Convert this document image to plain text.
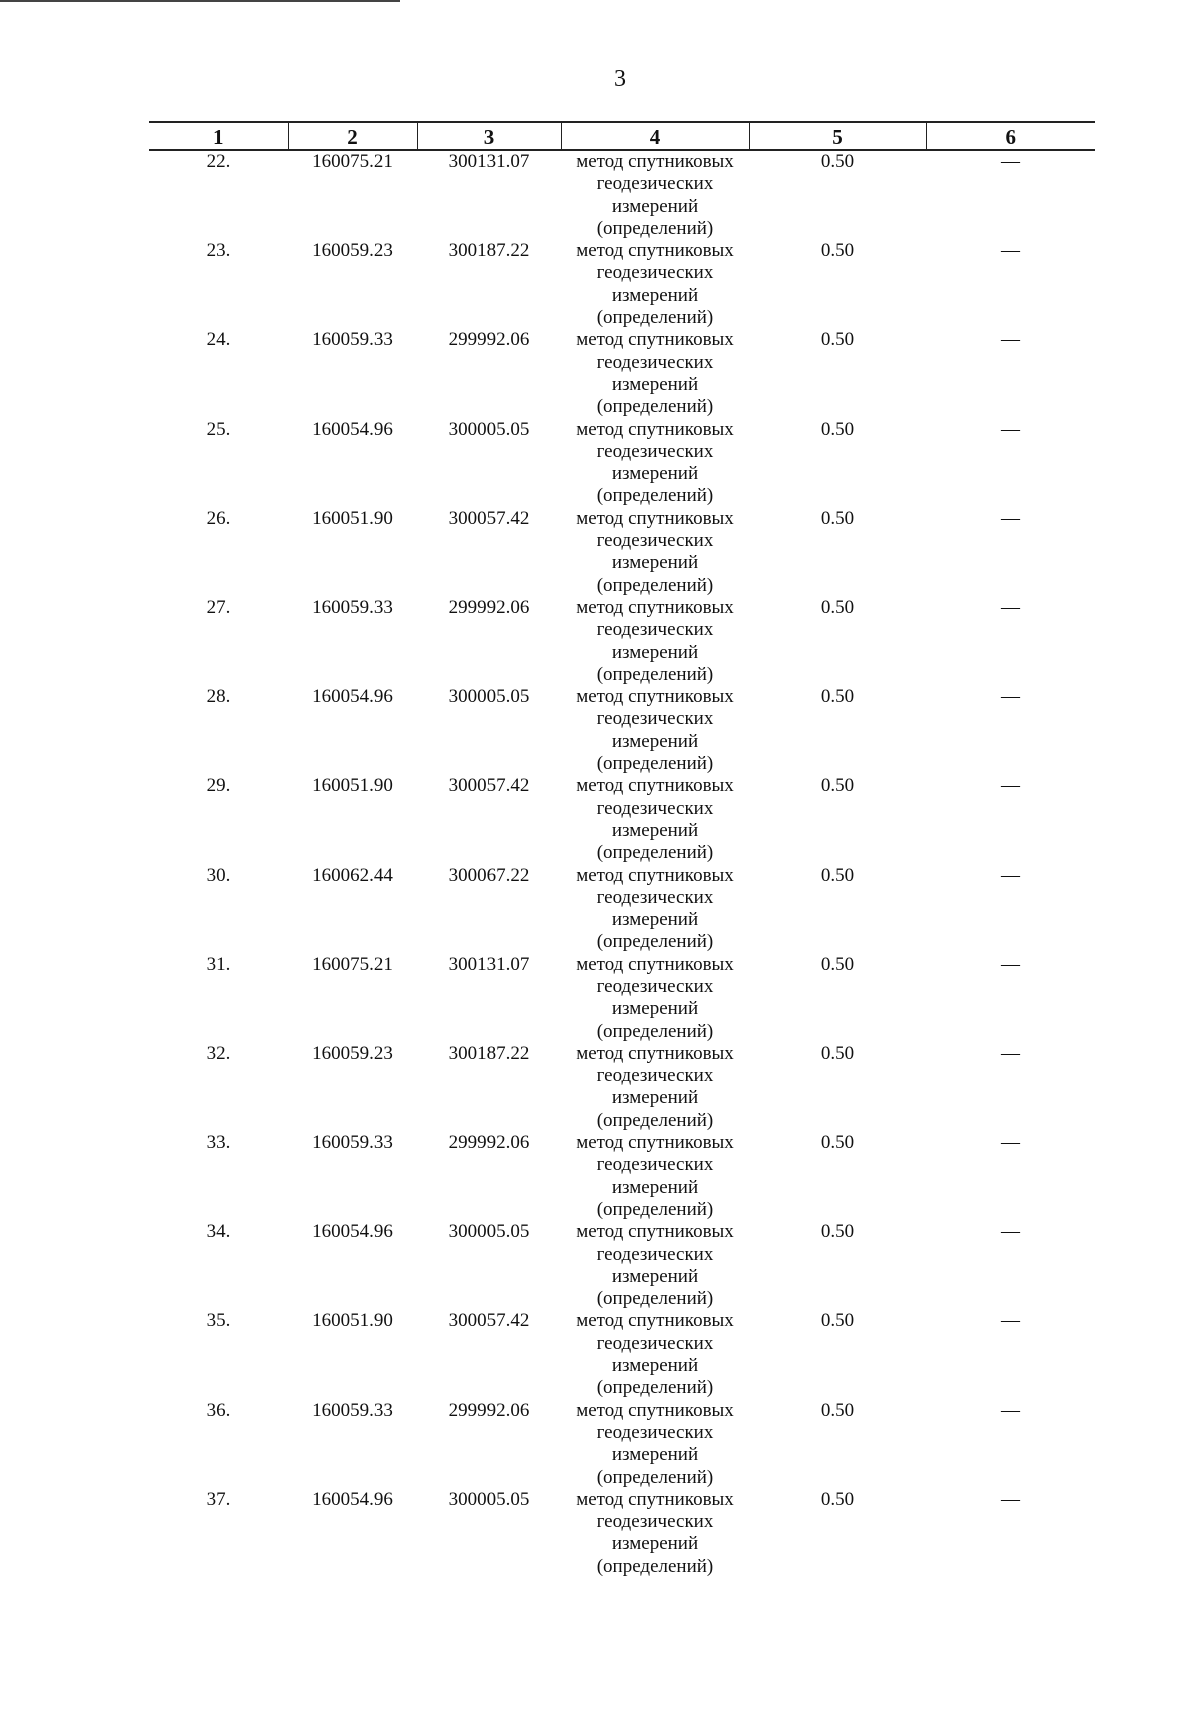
3
1	2	3	4	5	6
22.	160075.21	300131.07	метод спутниковых
геодезических
измерений
(определений)	0.50	—
23.	160059.23	300187.22	метод спутниковых
геодезических
измерений
(определений)	0.50	—
24.	160059.33	299992.06	метод спутниковых
геодезических
измерений
(определений)	0.50	—
25.	160054.96	300005.05	метод спутниковых
геодезических
измерений
(определений)	0.50	—
26.	160051.90	300057.42	метод спутниковых
геодезических
измерений
(определений)	0.50	—
27.	160059.33	299992.06	метод спутниковых
геодезических
измерений
(определений)	0.50	—
28.	160054.96	300005.05	метод спутниковых
геодезических
измерений
(определений)	0.50	—
29.	160051.90	300057.42	метод спутниковых
геодезических
измерений
(определений)	0.50	—
30.	160062.44	300067.22	метод спутниковых
геодезических
измерений
(определений)	0.50	—
31.	160075.21	300131.07	метод спутниковых
геодезических
измерений
(определений)	0.50	—
32.	160059.23	300187.22	метод спутниковых
геодезических
измерений
(определений)	0.50	—
33.	160059.33	299992.06	метод спутниковых
геодезических
измерений
(определений)	0.50	—
34.	160054.96	300005.05	метод спутниковых
геодезических
измерений
(определений)	0.50	—
35.	160051.90	300057.42	метод спутниковых
геодезических
измерений
(определений)	0.50	—
36.	160059.33	299992.06	метод спутниковых
геодезических
измерений
(определений)	0.50	—
37.	160054.96	300005.05	метод спутниковых
геодезических
измерений
(определений)	0.50	—
